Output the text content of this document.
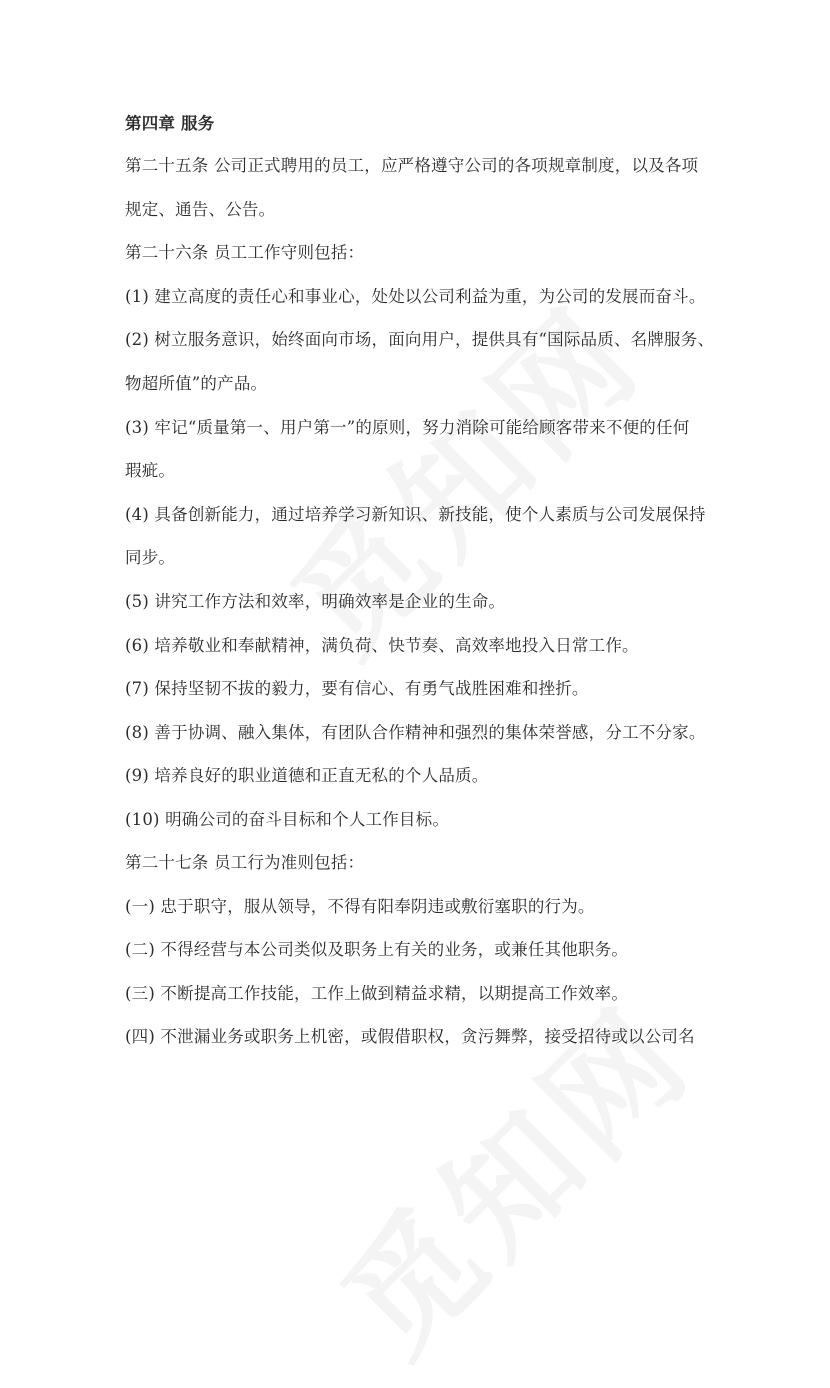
第四章 服务
第二十五条 公司正式聘用的员工，应严格遵守公司的各项规章制度，以及各项
规定、通告、公告。
第二十六条 员工工作守则包括：
(1) 建立高度的责任心和事业心，处处以公司利益为重，为公司的发展而奋斗。
(2) 树立服务意识，始终面向市场，面向用户，提供具有“国际品质、名牌服务、
物超所值”的产品。
(3) 牢记“质量第一、用户第一”的原则，努力消除可能给顾客带来不便的任何
瑕疵。
(4) 具备创新能力，通过培养学习新知识、新技能，使个人素质与公司发展保持
同步。
(5) 讲究工作方法和效率，明确效率是企业的生命。
(6) 培养敬业和奉献精神，满负荷、快节奏、高效率地投入日常工作。
(7) 保持坚韧不拔的毅力，要有信心、有勇气战胜困难和挫折。
(8) 善于协调、融入集体，有团队合作精神和强烈的集体荣誉感，分工不分家。
(9) 培养良好的职业道德和正直无私的个人品质。
(10) 明确公司的奋斗目标和个人工作目标。
第二十七条 员工行为准则包括：
(一) 忠于职守，服从领导，不得有阳奉阴违或敷衍塞职的行为。
(二) 不得经营与本公司类似及职务上有关的业务，或兼任其他职务。
(三) 不断提高工作技能，工作上做到精益求精，以期提高工作效率。
(四) 不泄漏业务或职务上机密，或假借职权，贪污舞弊，接受招待或以公司名
